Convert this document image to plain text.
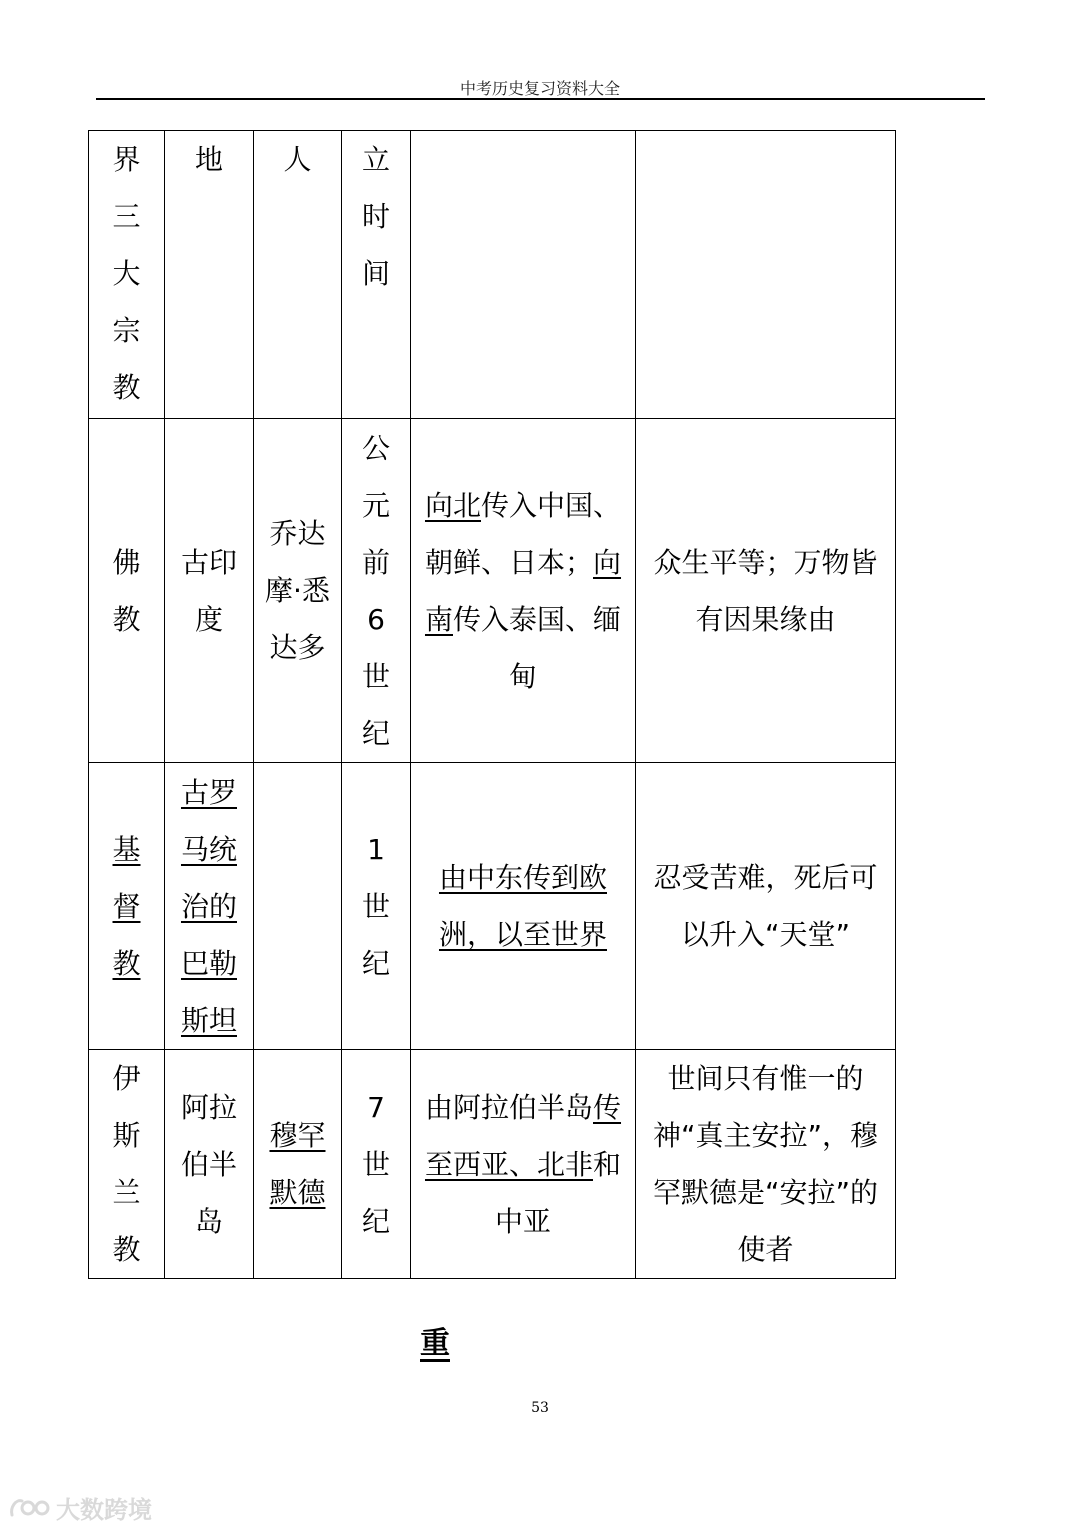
中考历史复习资料大全
界三大宗教	地	人	立时间		

佛教	古印度	乔达摩·悉达多	公元前6世纪	向北传入中国、朝鲜、日本；向南传入泰国、缅甸	众生平等；万物皆有因果缘由

基督教	古罗马统治的巴勒斯坦		1世纪	由中东传到欧洲，以至世界	忍受苦难，死后可以升入“天堂”

伊斯兰教	阿拉伯半岛	穆罕默德	7世纪	由阿拉伯半岛传至西亚、北非和中亚	世间只有惟一的神“真主安拉”，穆罕默德是“安拉”的使者
重
53
大数跨境
